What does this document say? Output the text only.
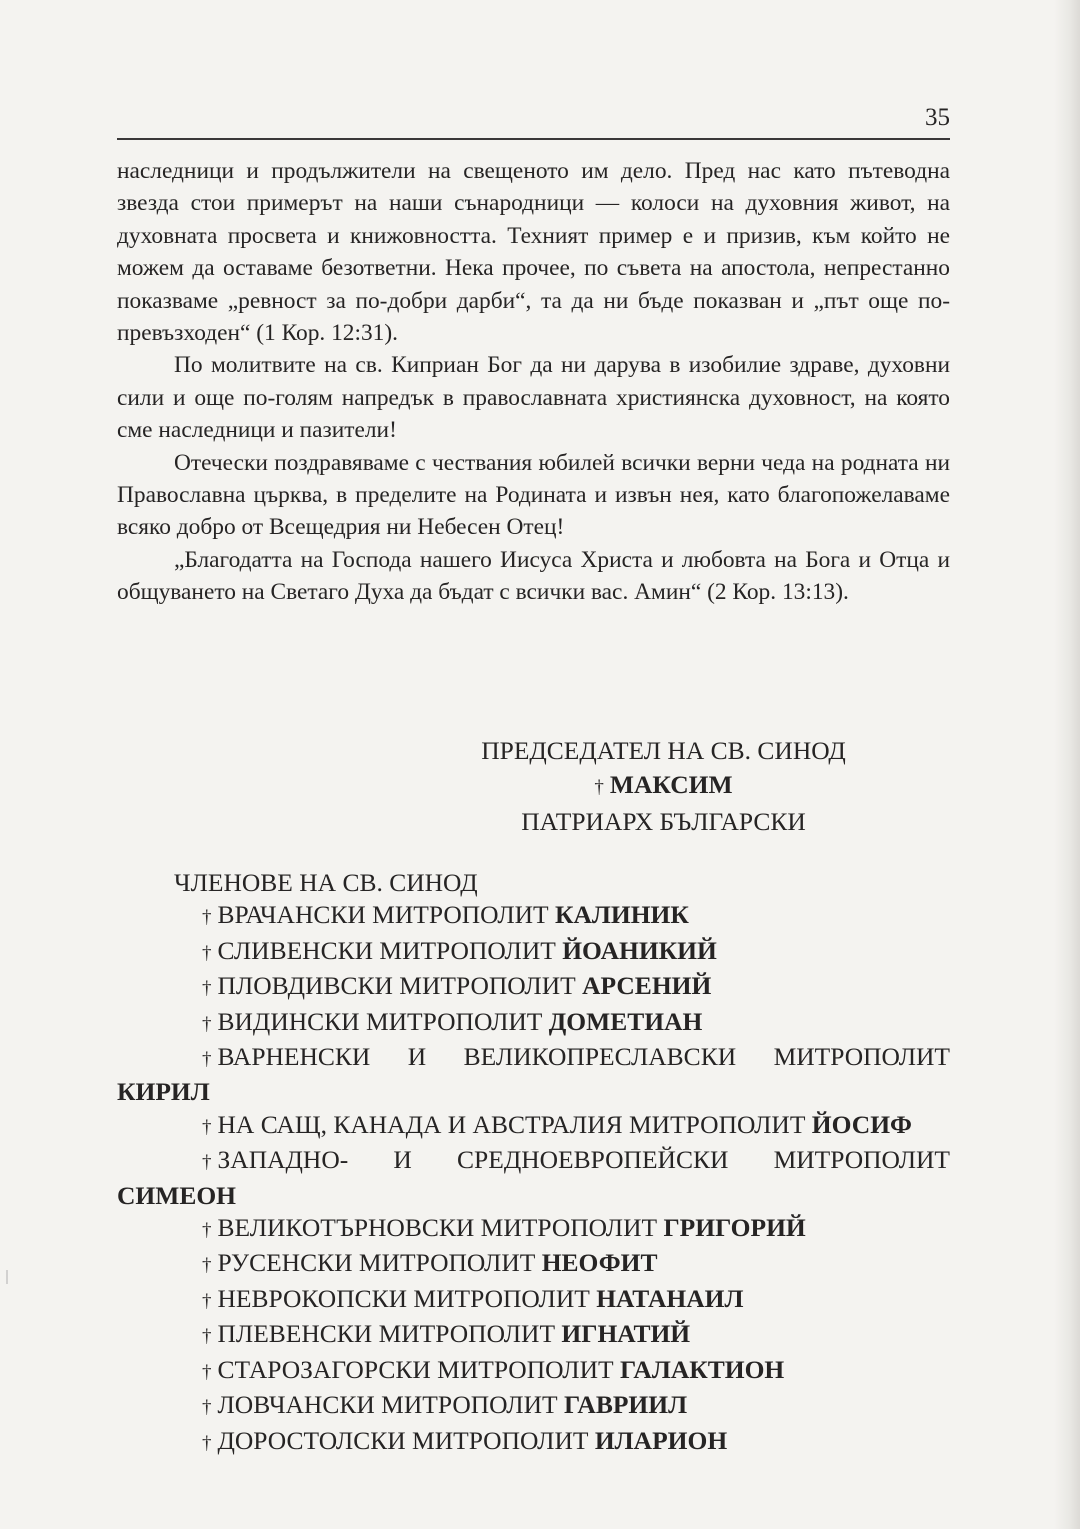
35

наследници и продължители на свещеното им дело. Пред нас като пътеводна звезда стои примерът на наши сънародници — колоси на духовния живот, на духовната просвета и книжовността. Техният пример е и призив, към който не можем да оставаме безответни. Нека прочее, по съвета на апостола, непрестанно показваме „ревност за по-добри дарби“, та да ни бъде показван и „път още по-превъзходен“ (1 Кор. 12:31).

По молитвите на св. Киприан Бог да ни дарува в изобилие здраве, духовни сили и още по-голям напредък в православната християнска духовност, на която сме наследници и пазители!

Отечески поздравяваме с чествания юбилей всички верни чеда на родната ни Православна църква, в пределите на Родината и извън нея, като благопожелаваме всяко добро от Всещедрия ни Небесен Отец!

„Благодатта на Господа нашего Иисуса Христа и любовта на Бога и Отца и общуването на Светаго Духа да бъдат с всички вас. Амин“ (2 Кор. 13:13).

ПРЕДСЕДАТЕЛ НА СВ. СИНОД
† МАКСИМ
ПАТРИАРХ БЪЛГАРСКИ
ЧЛЕНОВЕ НА СВ. СИНОД
† ВРАЧАНСКИ МИТРОПОЛИТ КАЛИНИК
† СЛИВЕНСКИ МИТРОПОЛИТ ЙОАНИКИЙ
† ПЛОВДИВСКИ МИТРОПОЛИТ АРСЕНИЙ
† ВИДИНСКИ МИТРОПОЛИТ ДОМЕТИАН
† ВАРНЕНСКИ И ВЕЛИКОПРЕСЛАВСКИ МИТРОПОЛИТ
КИРИЛ
† НА САЩ, КАНАДА И АВСТРАЛИЯ МИТРОПОЛИТ ЙОСИФ
† ЗАПАДНО- И СРЕДНОЕВРОПЕЙСКИ МИТРОПОЛИТ
СИМЕОН
† ВЕЛИКОТЪРНОВСКИ МИТРОПОЛИТ ГРИГОРИЙ
† РУСЕНСКИ МИТРОПОЛИТ НЕОФИТ
† НЕВРОКОПСКИ МИТРОПОЛИТ НАТАНАИЛ
† ПЛЕВЕНСКИ МИТРОПОЛИТ ИГНАТИЙ
† СТАРОЗАГОРСКИ МИТРОПОЛИТ ГАЛАКТИОН
† ЛОВЧАНСКИ МИТРОПОЛИТ ГАВРИИЛ
† ДОРОСТОЛСКИ МИТРОПОЛИТ ИЛАРИОН
